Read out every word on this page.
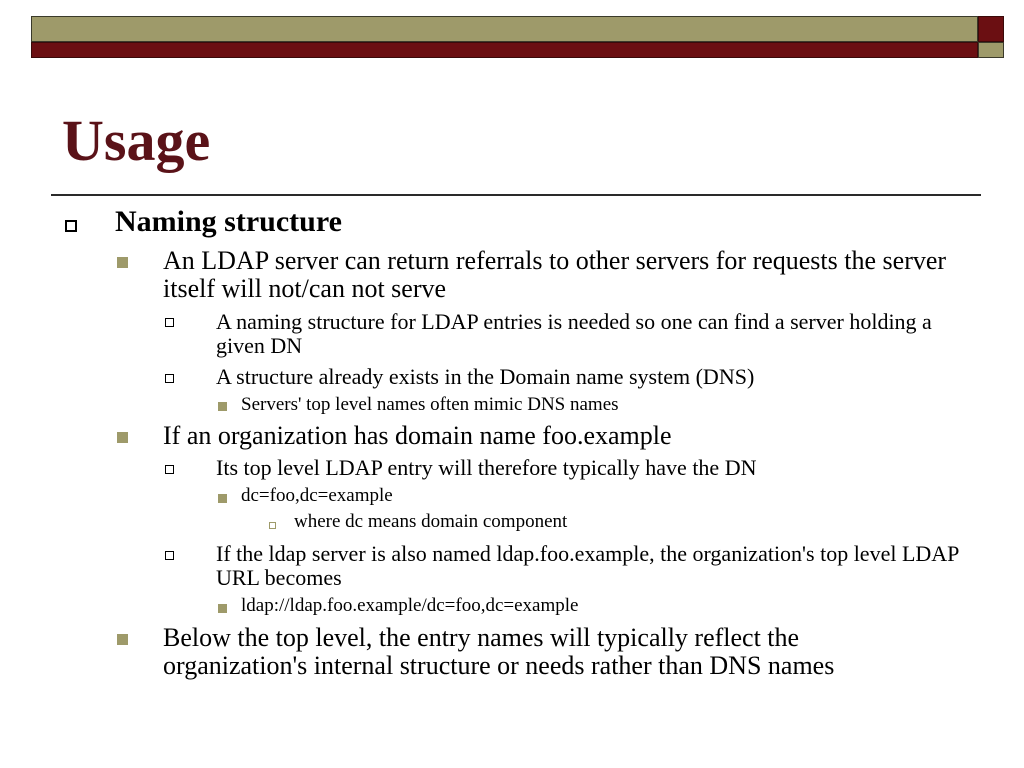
Usage
Naming structure
An LDAP server can return referrals to other servers for requests the server itself will not/can not serve
A naming structure for LDAP entries is needed so one can find a server holding a given DN
A structure already exists in the Domain name system (DNS)
Servers' top level names often mimic DNS names
If an organization has domain name foo.example
Its top level LDAP entry will therefore typically have the DN
dc=foo,dc=example
where dc means domain component
If the ldap server is also named ldap.foo.example, the organization's top level LDAP URL becomes
ldap://ldap.foo.example/dc=foo,dc=example
Below the top level, the entry names will typically reflect the organization's internal structure or needs rather than DNS names
